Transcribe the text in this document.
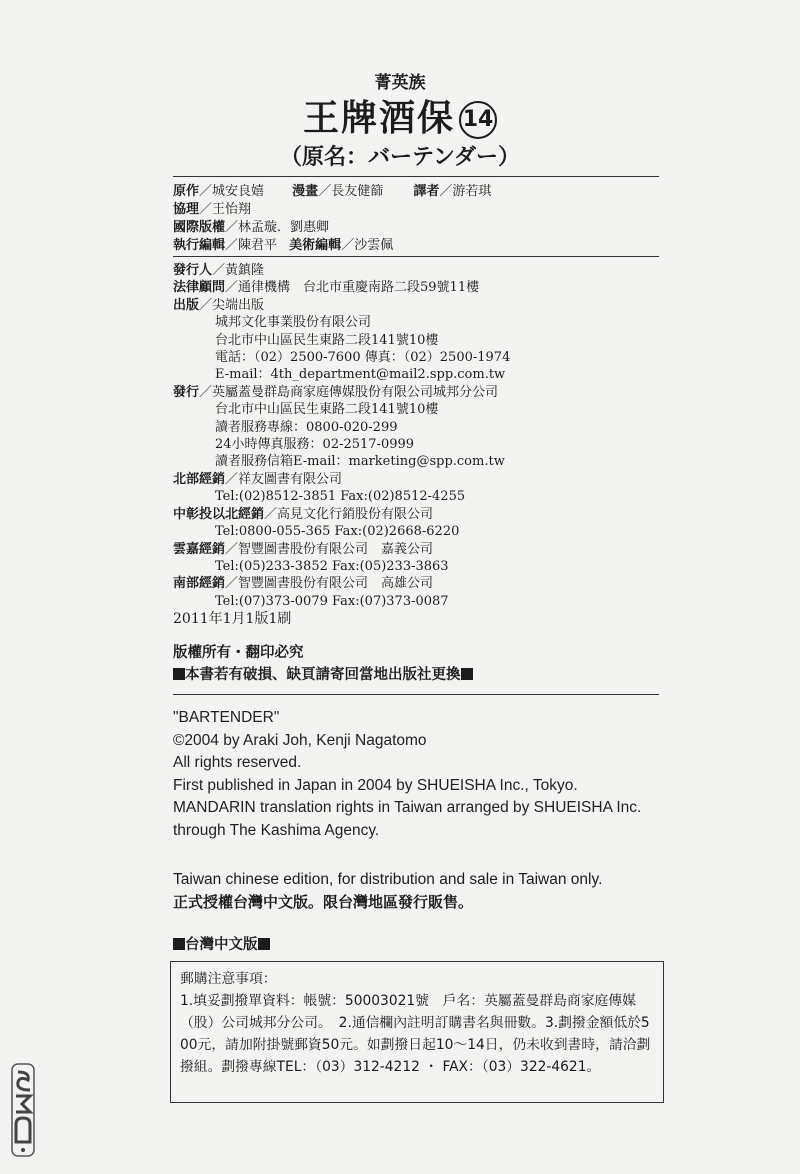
菁英族
王牌酒保 14
（原名：バーテンダー）
原作／城安良嬉 漫畫／長友健篩 譯者／游若琪
協理／王怡翔
國際版權／林孟璇．劉惠卿
執行編輯／陳君平 美術編輯／沙雲佩
發行人／黃鎮隆
法律顧問／通律機構　台北市重慶南路二段59號11樓
出版／尖端出版
城邦文化事業股份有限公司
台北市中山區民生東路二段141號10樓
電話：（02）2500-7600 傳真：（02）2500-1974
E-mail：4th_department@mail2.spp.com.tw
發行／英屬蓋曼群島商家庭傳媒股份有限公司城邦分公司
台北市中山區民生東路二段141號10樓
讀者服務專線：0800-020-299
24小時傳真服務：02-2517-0999
讀者服務信箱E-mail：marketing@spp.com.tw
北部經銷／祥友圖書有限公司
Tel:(02)8512-3851 Fax:(02)8512-4255
中彰投以北經銷／高見文化行銷股份有限公司
Tel:0800-055-365 Fax:(02)2668-6220
雲嘉經銷／智豐圖書股份有限公司　嘉義公司
Tel:(05)233-3852 Fax:(05)233-3863
南部經銷／智豐圖書股份有限公司　高雄公司
Tel:(07)373-0079 Fax:(07)373-0087
2011年1月1版1刷
版權所有・翻印必究
本書若有破損、缺頁請寄回當地出版社更換
"BARTENDER"
©2004 by Araki Joh, Kenji Nagatomo
All rights reserved.
First published in Japan in 2004 by SHUEISHA Inc., Tokyo.
MANDARIN translation rights in Taiwan arranged by SHUEISHA Inc.
through The Kashima Agency.
Taiwan chinese edition, for distribution and sale in Taiwan only.
正式授權台灣中文版。限台灣地區發行販售。
台灣中文版
郵購注意事項：
1.填妥劃撥單資料：帳號：50003021號　戶名：英屬蓋曼群島商家庭傳媒（股）公司城邦分公司。　2.通信欄內註明訂購書名與冊數。3.劃撥金額低於500元，請加附掛號郵資50元。如劃撥日起10～14日，仍未收到書時，請洽劃撥組。劃撥專線TEL：（03）312-4212 ・ FAX：（03）322-4621。
